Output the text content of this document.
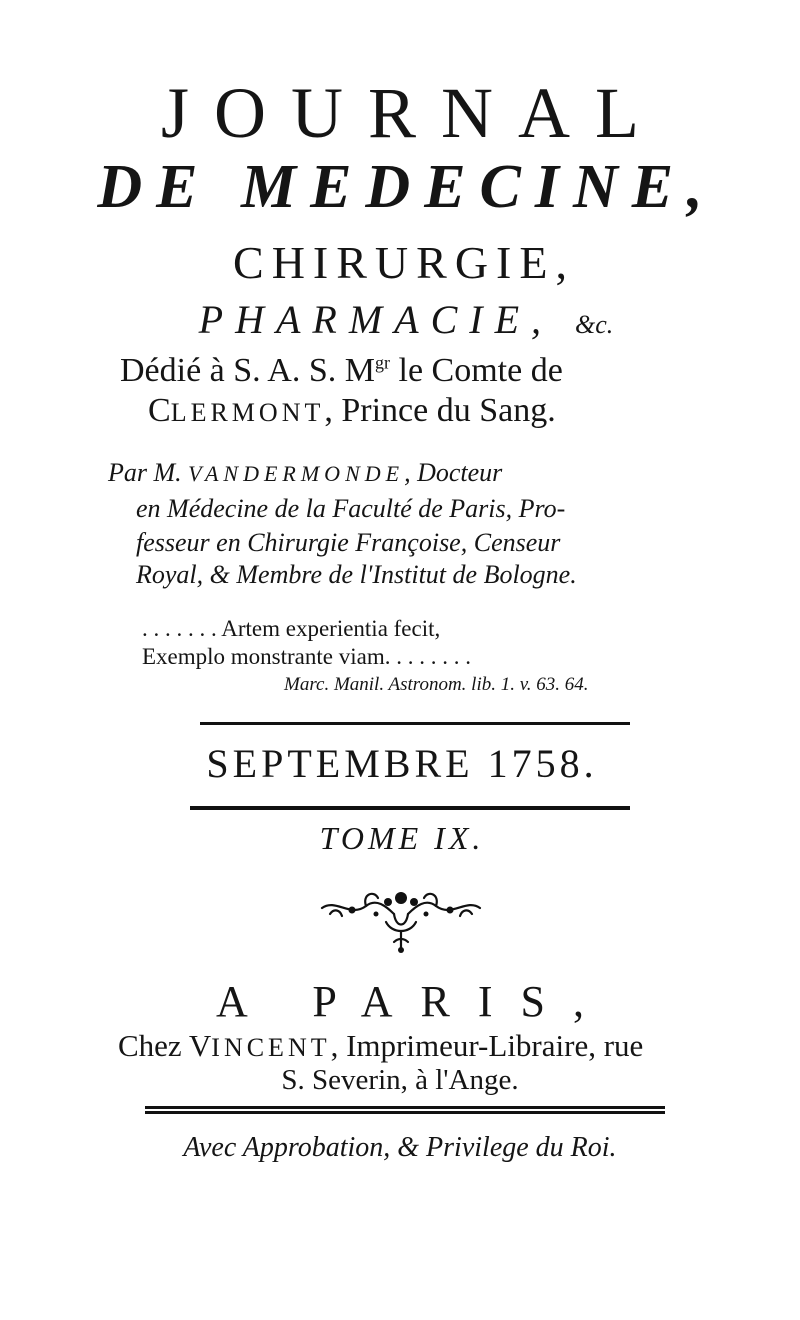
JOURNAL
DE MEDECINE,
CHIRURGIE,
PHARMACIE, &c.
Dédié à S. A. S. $M^{gr}$ le Comte de
CLERMONT, Prince du Sang.
Par M. VANDERMONDE, Docteur
en Médecine de la Faculté de Paris, Pro-
fesseur en Chirurgie Françoise, Censeur
Royal, & Membre de l'Institut de Bologne.
. . . . . . . Artem experientia fecit,
Exemplo monstrante viam. . . . . . . .
Marc. Manil. Astronom. lib. 1. v. 63. 64.
SEPTEMBRE 1758.
TOME IX.
A PARIS,
Chez VINCENT, Imprimeur-Libraire, rue
S. Severin, à l'Ange.
Avec Approbation, & Privilege du Roi.
